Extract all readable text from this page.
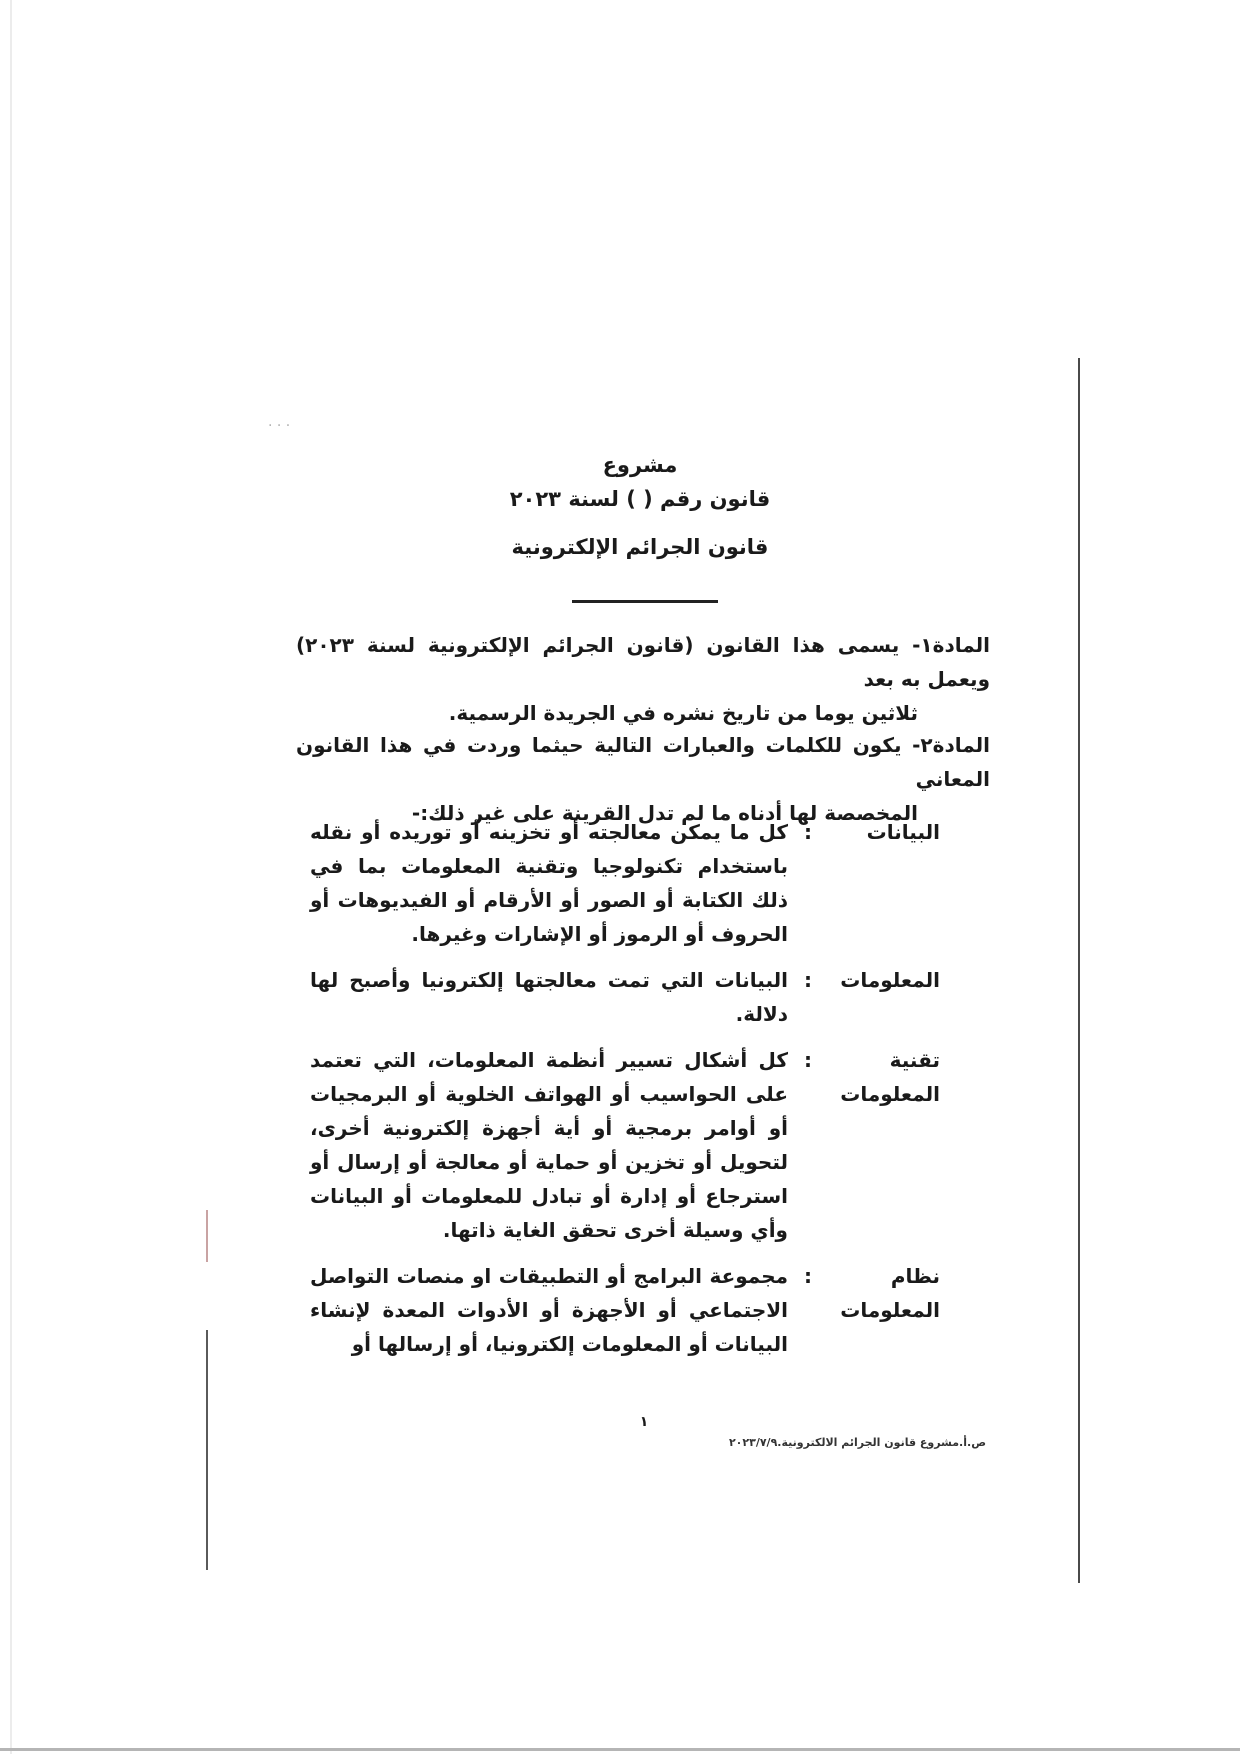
· · ·
مشروع
قانون رقم ( ) لسنة ٢٠٢٣
قانون الجرائم الإلكترونية

المادة١- يسمى هذا القانون (قانون الجرائم الإلكترونية لسنة ٢٠٢٣) ويعمل به بعد

ثلاثين يوما من تاريخ نشره في الجريدة الرسمية.

المادة٢- يكون للكلمات والعبارات التالية حيثما وردت في هذا القانون المعاني

المخصصة لها أدناه ما لم تدل القرينة على غير ذلك:-

البيانات
:
كل ما يمكن معالجته أو تخزينه أو توريده أو نقله باستخدام تكنولوجيا وتقنية المعلومات بما في ذلك الكتابة أو الصور أو الأرقام أو الفيديوهات أو الحروف أو الرموز أو الإشارات وغيرها.
المعلومات
:
البيانات التي تمت معالجتها إلكترونيا وأصبح لها دلالة.
تقنية المعلومات
:
كل أشكال تسيير أنظمة المعلومات، التي تعتمد على الحواسيب أو الهواتف الخلوية أو البرمجيات أو أوامر برمجية أو أية أجهزة إلكترونية أخرى، لتحويل أو تخزين أو حماية أو معالجة أو إرسال أو استرجاع أو إدارة أو تبادل للمعلومات أو البيانات وأي وسيلة أخرى تحقق الغاية ذاتها.
نظام المعلومات
:
مجموعة البرامج أو التطبيقات او منصات التواصل الاجتماعي أو الأجهزة أو الأدوات المعدة لإنشاء البيانات أو المعلومات إلكترونيا، أو إرسالها أو
١
ص.أ.مشروع قانون الجرائم الالكترونية.٢٠٢٣/٧/٩
